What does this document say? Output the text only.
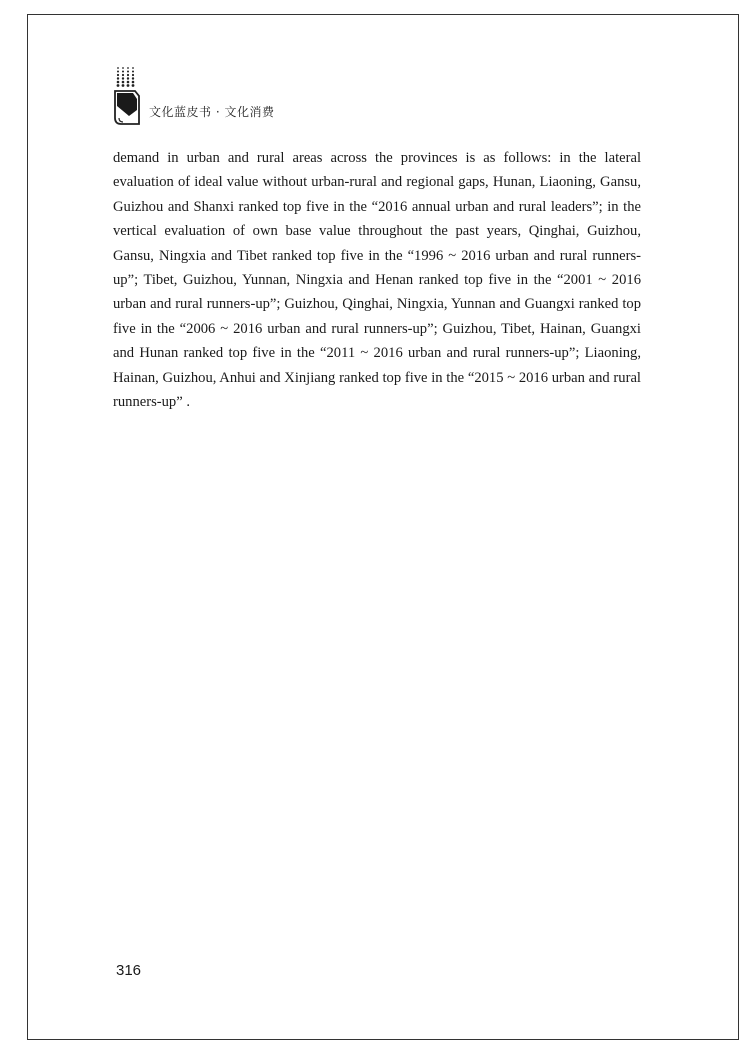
文化蓝皮书 · 文化消费

demand in urban and rural areas across the provinces is as follows: in the lateral evaluation of ideal value without urban-rural and regional gaps, Hunan, Liaoning, Gansu, Guizhou and Shanxi ranked top five in the “2016 annual urban and rural leaders”; in the vertical evaluation of own base value throughout the past years, Qinghai, Guizhou, Gansu, Ningxia and Tibet ranked top five in the “1996 ~ 2016 urban and rural runners-up”; Tibet, Guizhou, Yunnan, Ningxia and Henan ranked top five in the “2001 ~ 2016 urban and rural runners-up”; Guizhou, Qinghai, Ningxia, Yunnan and Guangxi ranked top five in the “2006 ~ 2016 urban and rural runners-up”; Guizhou, Tibet, Hainan, Guangxi and Hunan ranked top five in the “2011 ~ 2016 urban and rural runners-up”; Liaoning, Hainan, Guizhou, Anhui and Xinjiang ranked top five in the “2015 ~ 2016 urban and rural runners-up” .

316
